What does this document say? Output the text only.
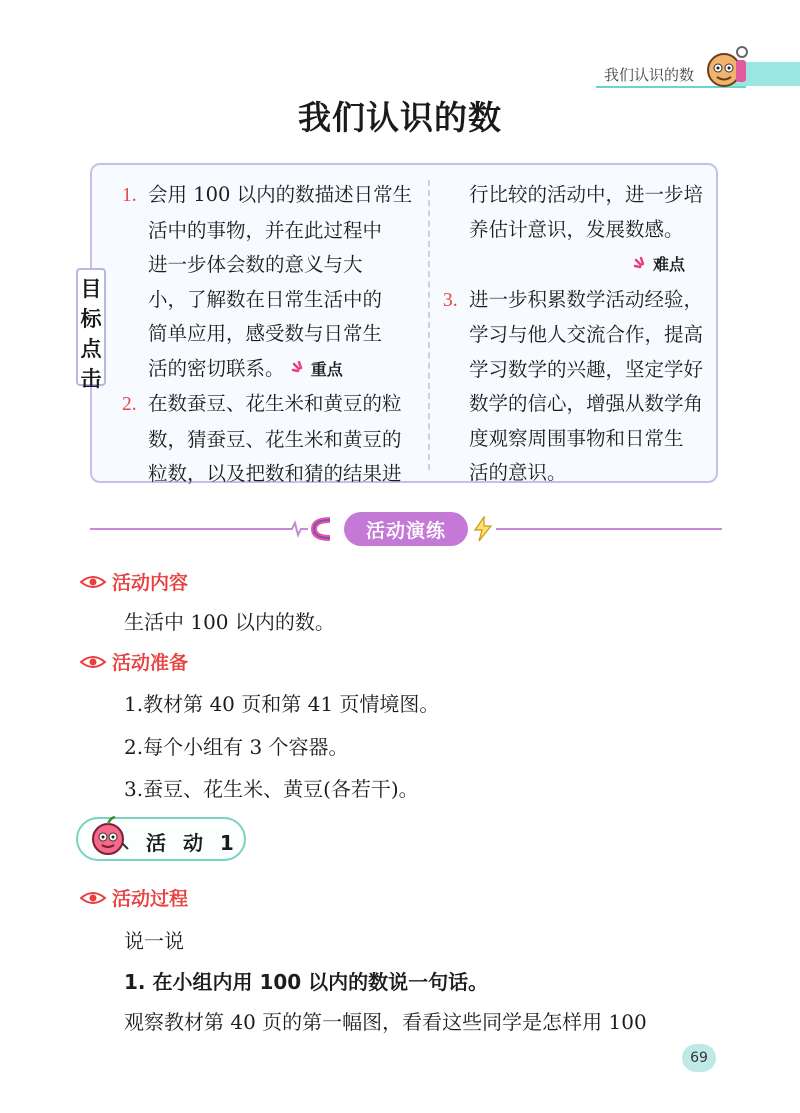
我们认识的数
我们认识的数
目
标
点
击
1. 会用 100 以内的数描述日常生
活中的事物，并在此过程中
进一步体会数的意义与大
小，了解数在日常生活中的
简单应用，感受数与日常生
活的密切联系。 重点
2. 在数蚕豆、花生米和黄豆的粒
数，猜蚕豆、花生米和黄豆的
粒数，以及把数和猜的结果进
行比较的活动中，进一步培
养估计意识，发展数感。
难点
3. 进一步积累数学活动经验，
学习与他人交流合作，提高
学习数学的兴趣，坚定学好
数学的信心，增强从数学角
度观察周围事物和日常生
活的意识。
活动演练
活动内容
生活中 100 以内的数。
活动准备
1.教材第 40 页和第 41 页情境图。
2.每个小组有 3 个容器。
3.蚕豆、花生米、黄豆(各若干)。
活 动 1
活动过程
说一说
1. 在小组内用 100 以内的数说一句话。
观察教材第 40 页的第一幅图，看看这些同学是怎样用 100
69
